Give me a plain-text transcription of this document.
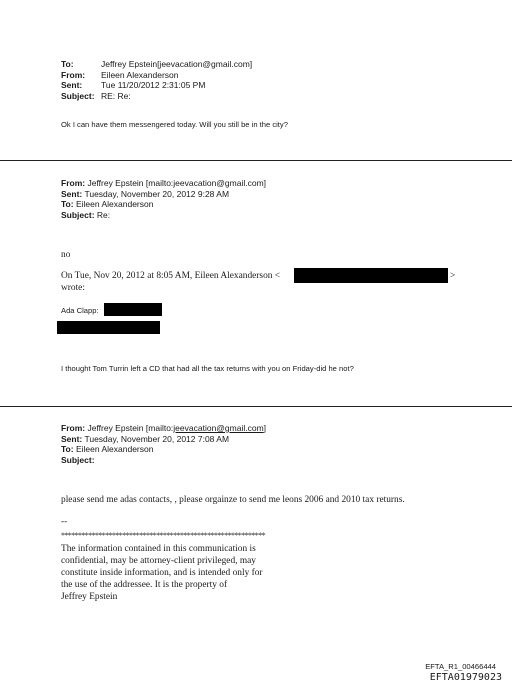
To:	Jeffrey Epstein[jeevacation@gmail.com]
From:	Eileen Alexanderson
Sent:	Tue 11/20/2012 2:31:05 PM
Subject:	RE: Re:
Ok I can have them messengered today. Will you still be in the city?
From: Jeffrey Epstein [mailto:jeevacation@gmail.com]
Sent: Tuesday, November 20, 2012 9:28 AM
To: Eileen Alexanderson
Subject: Re:
no
On Tue, Nov 20, 2012 at 8:05 AM, Eileen Alexanderson <	>
wrote:
Ada Clapp:
I thought Tom Turrin left a CD that had all the tax returns with you on Friday-did he not?
From: Jeffrey Epstein [mailto:jeevacation@gmail.com]
Sent: Tuesday, November 20, 2012 7:08 AM
To: Eileen Alexanderson
Subject:
please send me adas contacts, , please orgainze to send me leons 2006 and 2010 tax returns.
--
************************************************************
The information contained in this communication is
confidential, may be attorney-client privileged, may
constitute inside information, and is intended only for
the use of the addressee. It is the property of
Jeffrey Epstein
EFTA_R1_00466444
EFTA01979023
